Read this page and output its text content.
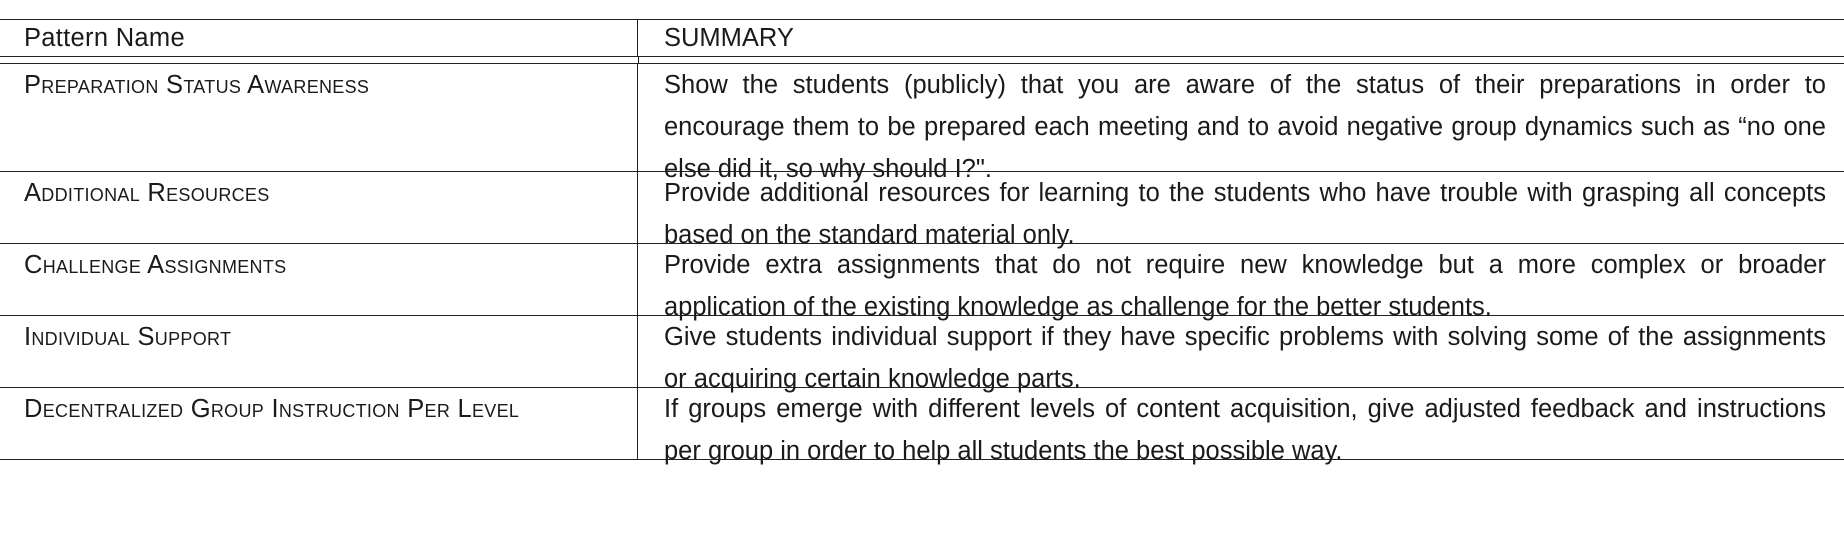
Pattern Name	SUMMARY
Preparation Status Awareness	Show the students (publicly) that you are aware of the status of their preparations in order to encourage them to be prepared each meeting and to avoid negative group dynamics such as “no one else did it, so why should I?".
Additional Resources	Provide additional resources for learning to the students who have trouble with grasping all concepts based on the standard material only.
Challenge Assignments	Provide extra assignments that do not require new knowledge but a more complex or broader application of the existing knowledge as challenge for the better students.
Individual Support	Give students individual support if they have specific problems with solving some of the assignments or acquiring certain knowledge parts.
Decentralized Group Instruction Per Level	If groups emerge with different levels of content acquisition, give adjusted feedback and instructions per group in order to help all students the best possible way.
